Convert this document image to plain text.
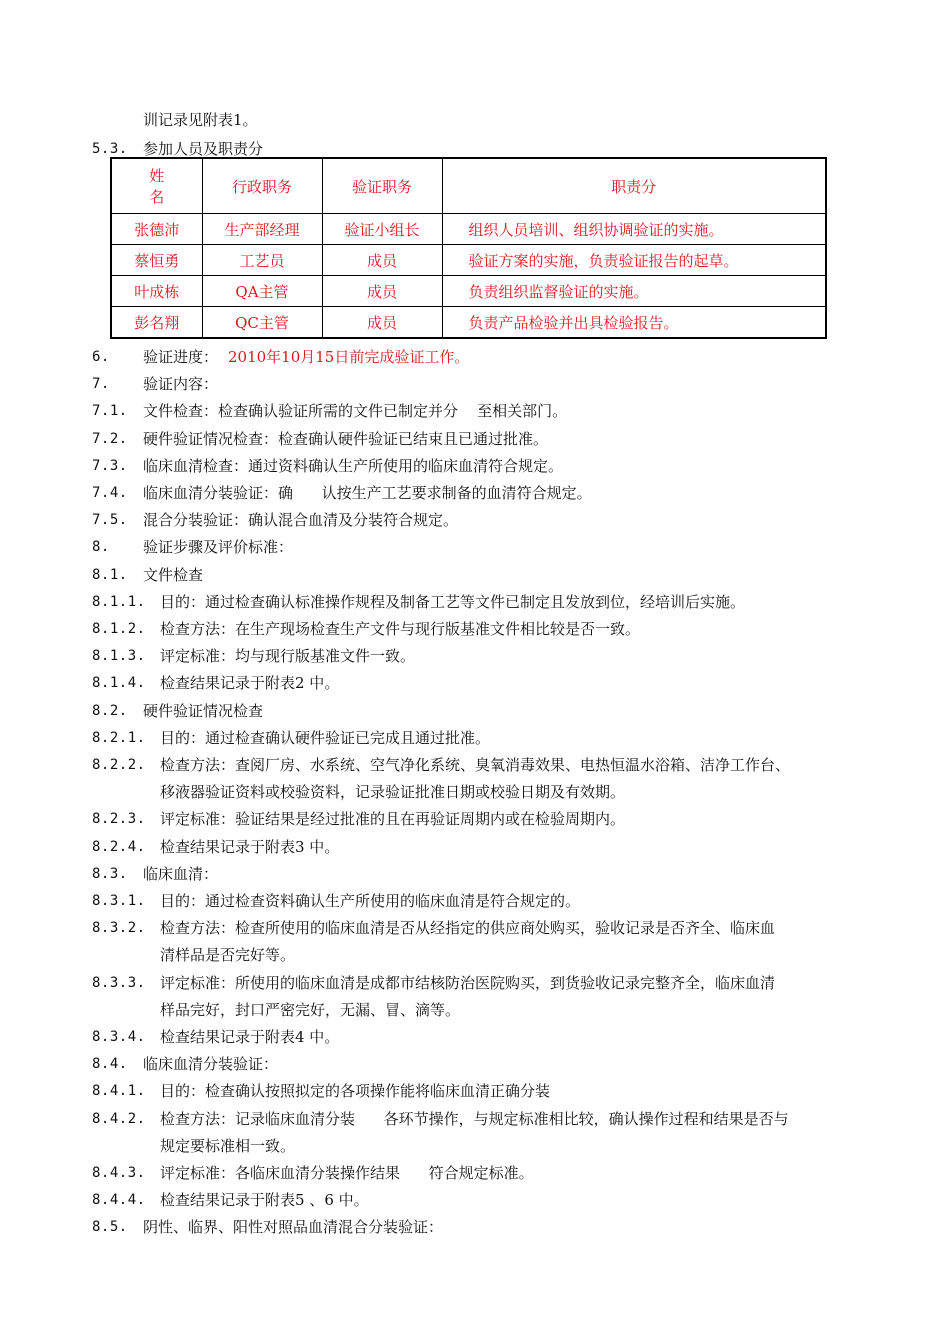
训记录见附表1。
5.3. 参加人员及职责分
姓
名	行政职务	验证职务	职责分
张德沛	生产部经理	验证小组长	组织人员培训、组织协调验证的实施。
蔡恒勇	工艺员	成员	验证方案的实施，负责验证报告的起草。
叶成栋	QA主管	成员	负责组织监督验证的实施。
彭名翔	QC主管	成员	负责产品检验并出具检验报告。
6. 验证进度： 2010年10月15日前完成验证工作。
7. 验证内容：
7.1. 文件检查：检查确认验证所需的文件已制定并分    至相关部门。
7.2. 硬件验证情况检查：检查确认硬件验证已结束且已通过批准。
7.3. 临床血清检查：通过资料确认生产所使用的临床血清符合规定。
7.4. 临床血清分装验证：确      认按生产工艺要求制备的血清符合规定。
7.5. 混合分装验证：确认混合血清及分装符合规定。
8. 验证步骤及评价标准：
8.1. 文件检查
8.1.1. 目的：通过检查确认标准操作规程及制备工艺等文件已制定且发放到位，经培训后实施。
8.1.2. 检查方法：在生产现场检查生产文件与现行版基准文件相比较是否一致。
8.1.3. 评定标准：均与现行版基准文件一致。
8.1.4. 检查结果记录于附表2 中。
8.2. 硬件验证情况检查
8.2.1. 目的：通过检查确认硬件验证已完成且通过批准。
8.2.2. 检查方法：查阅厂房、水系统、空气净化系统、臭氧消毒效果、电热恒温水浴箱、洁净工作台、
移液器验证资料或校验资料，记录验证批准日期或校验日期及有效期。
8.2.3. 评定标准：验证结果是经过批准的且在再验证周期内或在检验周期内。
8.2.4. 检查结果记录于附表3 中。
8.3. 临床血清：
8.3.1. 目的：通过检查资料确认生产所使用的临床血清是符合规定的。
8.3.2. 检查方法：检查所使用的临床血清是否从经指定的供应商处购买，验收记录是否齐全、临床血
清样品是否完好等。
8.3.3. 评定标准：所使用的临床血清是成都市结核防治医院购买，到货验收记录完整齐全，临床血清
样品完好，封口严密完好，无漏、冒、滴等。
8.3.4. 检查结果记录于附表4 中。
8.4. 临床血清分装验证：
8.4.1. 目的：检查确认按照拟定的各项操作能将临床血清正确分装
8.4.2. 检查方法：记录临床血清分装      各环节操作，与规定标准相比较，确认操作过程和结果是否与
规定要标准相一致。
8.4.3. 评定标准：各临床血清分装操作结果      符合规定标准。
8.4.4. 检查结果记录于附表5 、6 中。
8.5. 阴性、临界、阳性对照品血清混合分装验证：
